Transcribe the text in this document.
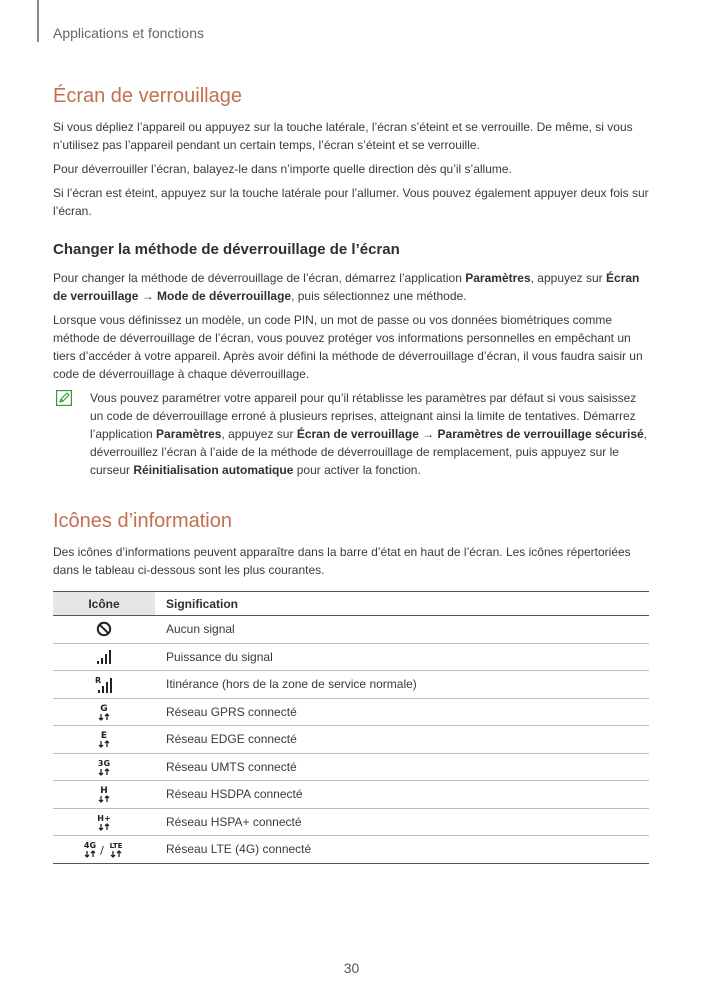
Applications et fonctions
Écran de verrouillage

Si vous dépliez l’appareil ou appuyez sur la touche latérale, l’écran s’éteint et se verrouille. De même, si vous n’utilisez pas l’appareil pendant un certain temps, l’écran s’éteint et se verrouille.

Pour déverrouiller l’écran, balayez-le dans n’importe quelle direction dès qu’il s’allume.

Si l’écran est éteint, appuyez sur la touche latérale pour l’allumer. Vous pouvez également appuyer deux fois sur l’écran.

Changer la méthode de déverrouillage de l’écran

Pour changer la méthode de déverrouillage de l’écran, démarrez l’application Paramètres, appuyez sur Écran de verrouillage → Mode de déverrouillage, puis sélectionnez une méthode.

Lorsque vous définissez un modèle, un code PIN, un mot de passe ou vos données biométriques comme méthode de déverrouillage de l’écran, vous pouvez protéger vos informations personnelles en empêchant un tiers d’accéder à votre appareil. Après avoir défini la méthode de déverrouillage d’écran, il vous faudra saisir un code de déverrouillage à chaque déverrouillage.

Vous pouvez paramétrer votre appareil pour qu’il rétablisse les paramètres par défaut si vous saisissez un code de déverrouillage erroné à plusieurs reprises, atteignant ainsi la limite de tentatives. Démarrez l’application Paramètres, appuyez sur Écran de verrouillage → Paramètres de verrouillage sécurisé, déverrouillez l’écran à l’aide de la méthode de déverrouillage de remplacement, puis appuyez sur le curseur Réinitialisation automatique pour activer la fonction.

Icônes d’information

Des icônes d’informations peuvent apparaître dans la barre d’état en haut de l’écran. Les icônes répertoriées dans le tableau ci-dessous sont les plus courantes.

Icône	Signification
	Aucun signal
	Puissance du signal

R	Itinérance (hors de la zone de service normale)

G	Réseau GPRS connecté

E	Réseau EDGE connecté

3G	Réseau UMTS connecté

H	Réseau HSDPA connecté

H+	Réseau HSPA+ connecté

4G / LTE	Réseau LTE (4G) connecté
30
